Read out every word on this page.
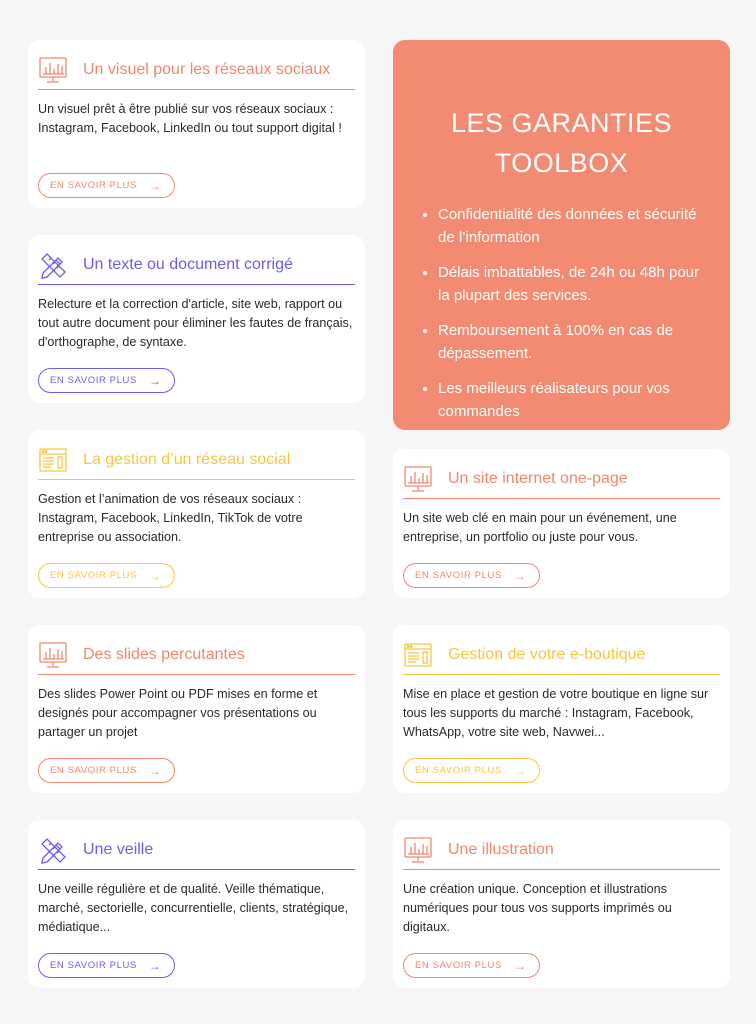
Un visuel pour les réseaux sociaux

Un visuel prêt à être publié sur vos réseaux sociaux : Instagram, Facebook, LinkedIn ou tout support digital !

EN SAVOIR PLUS →
Un texte ou document corrigé

Relecture et la correction d'article, site web, rapport ou tout autre document pour éliminer les fautes de français, d'orthographe, de syntaxe.

EN SAVOIR PLUS →
La gestion d’un réseau social

Gestion et l’animation de vos réseaux sociaux : Instagram, Facebook, LinkedIn, TikTok de votre entreprise ou association.

EN SAVOIR PLUS →
Un site internet one-page

Un site web clé en main pour un événement, une entreprise, un portfolio ou juste pour vous.

EN SAVOIR PLUS →
Des slides percutantes

Des slides Power Point ou PDF mises en forme et designés pour accompagner vos présentations ou partager un projet

EN SAVOIR PLUS →
Gestion de votre e-boutique

Mise en place et gestion de votre boutique en ligne sur tous les supports du marché : Instagram, Facebook, WhatsApp, votre site web, Navwei...

EN SAVOIR PLUS →
Une veille

Une veille régulière et de qualité. Veille thématique, marché, sectorielle, concurrentielle, clients, stratégique, médiatique...

EN SAVOIR PLUS →
Une illustration

Une création unique. Conception et illustrations numériques pour tous vos supports imprimés ou digitaux.

EN SAVOIR PLUS →
LES GARANTIES
TOOLBOX
• Confidentialité des données et sécurité de l’information
• Délais imbattables, de 24h ou 48h pour la plupart des services.
• Remboursement à 100% en cas de dépassement.
• Les meilleurs réalisateurs pour vos commandes
